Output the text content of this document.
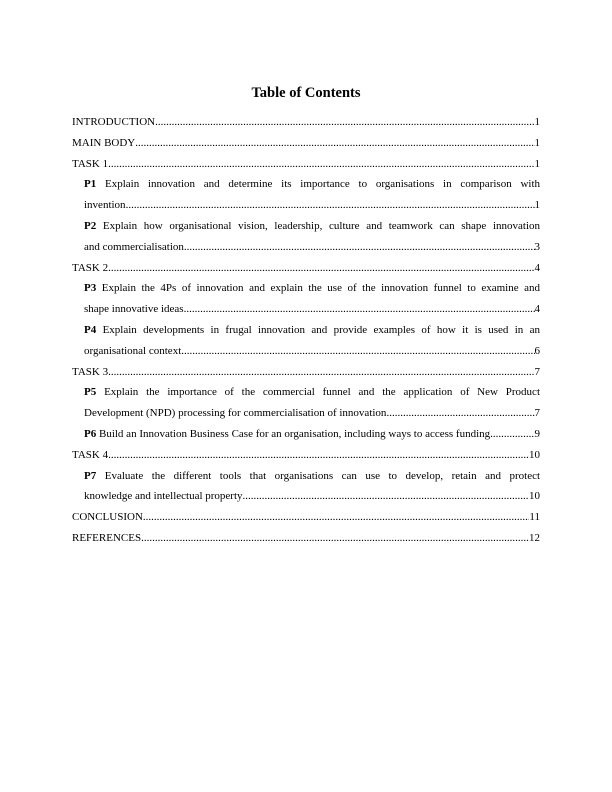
Table of Contents
INTRODUCTION .....	1
MAIN BODY .....	1
TASK 1 .....	1
P1 Explain innovation and determine its importance to organisations in comparison with
invention .....	1
P2 Explain how organisational vision, leadership, culture and teamwork can shape innovation
and commercialisation .....	3
TASK 2 .....	4
P3 Explain the 4Ps of innovation and explain the use of the innovation funnel to examine and
shape innovative ideas .....	4
P4 Explain developments in frugal innovation and provide examples of how it is used in an
organisational context .....	6
TASK 3 .....	7
P5 Explain the importance of the commercial funnel and the application of New Product
Development (NPD) processing for commercialisation of innovation .....	7
P6 Build an Innovation Business Case for an organisation, including ways to access funding. .....	9
TASK 4 .....	10
P7 Evaluate the different tools that organisations can use to develop, retain and protect
knowledge and intellectual property .....	10
CONCLUSION .....	11
REFERENCES .....	12
